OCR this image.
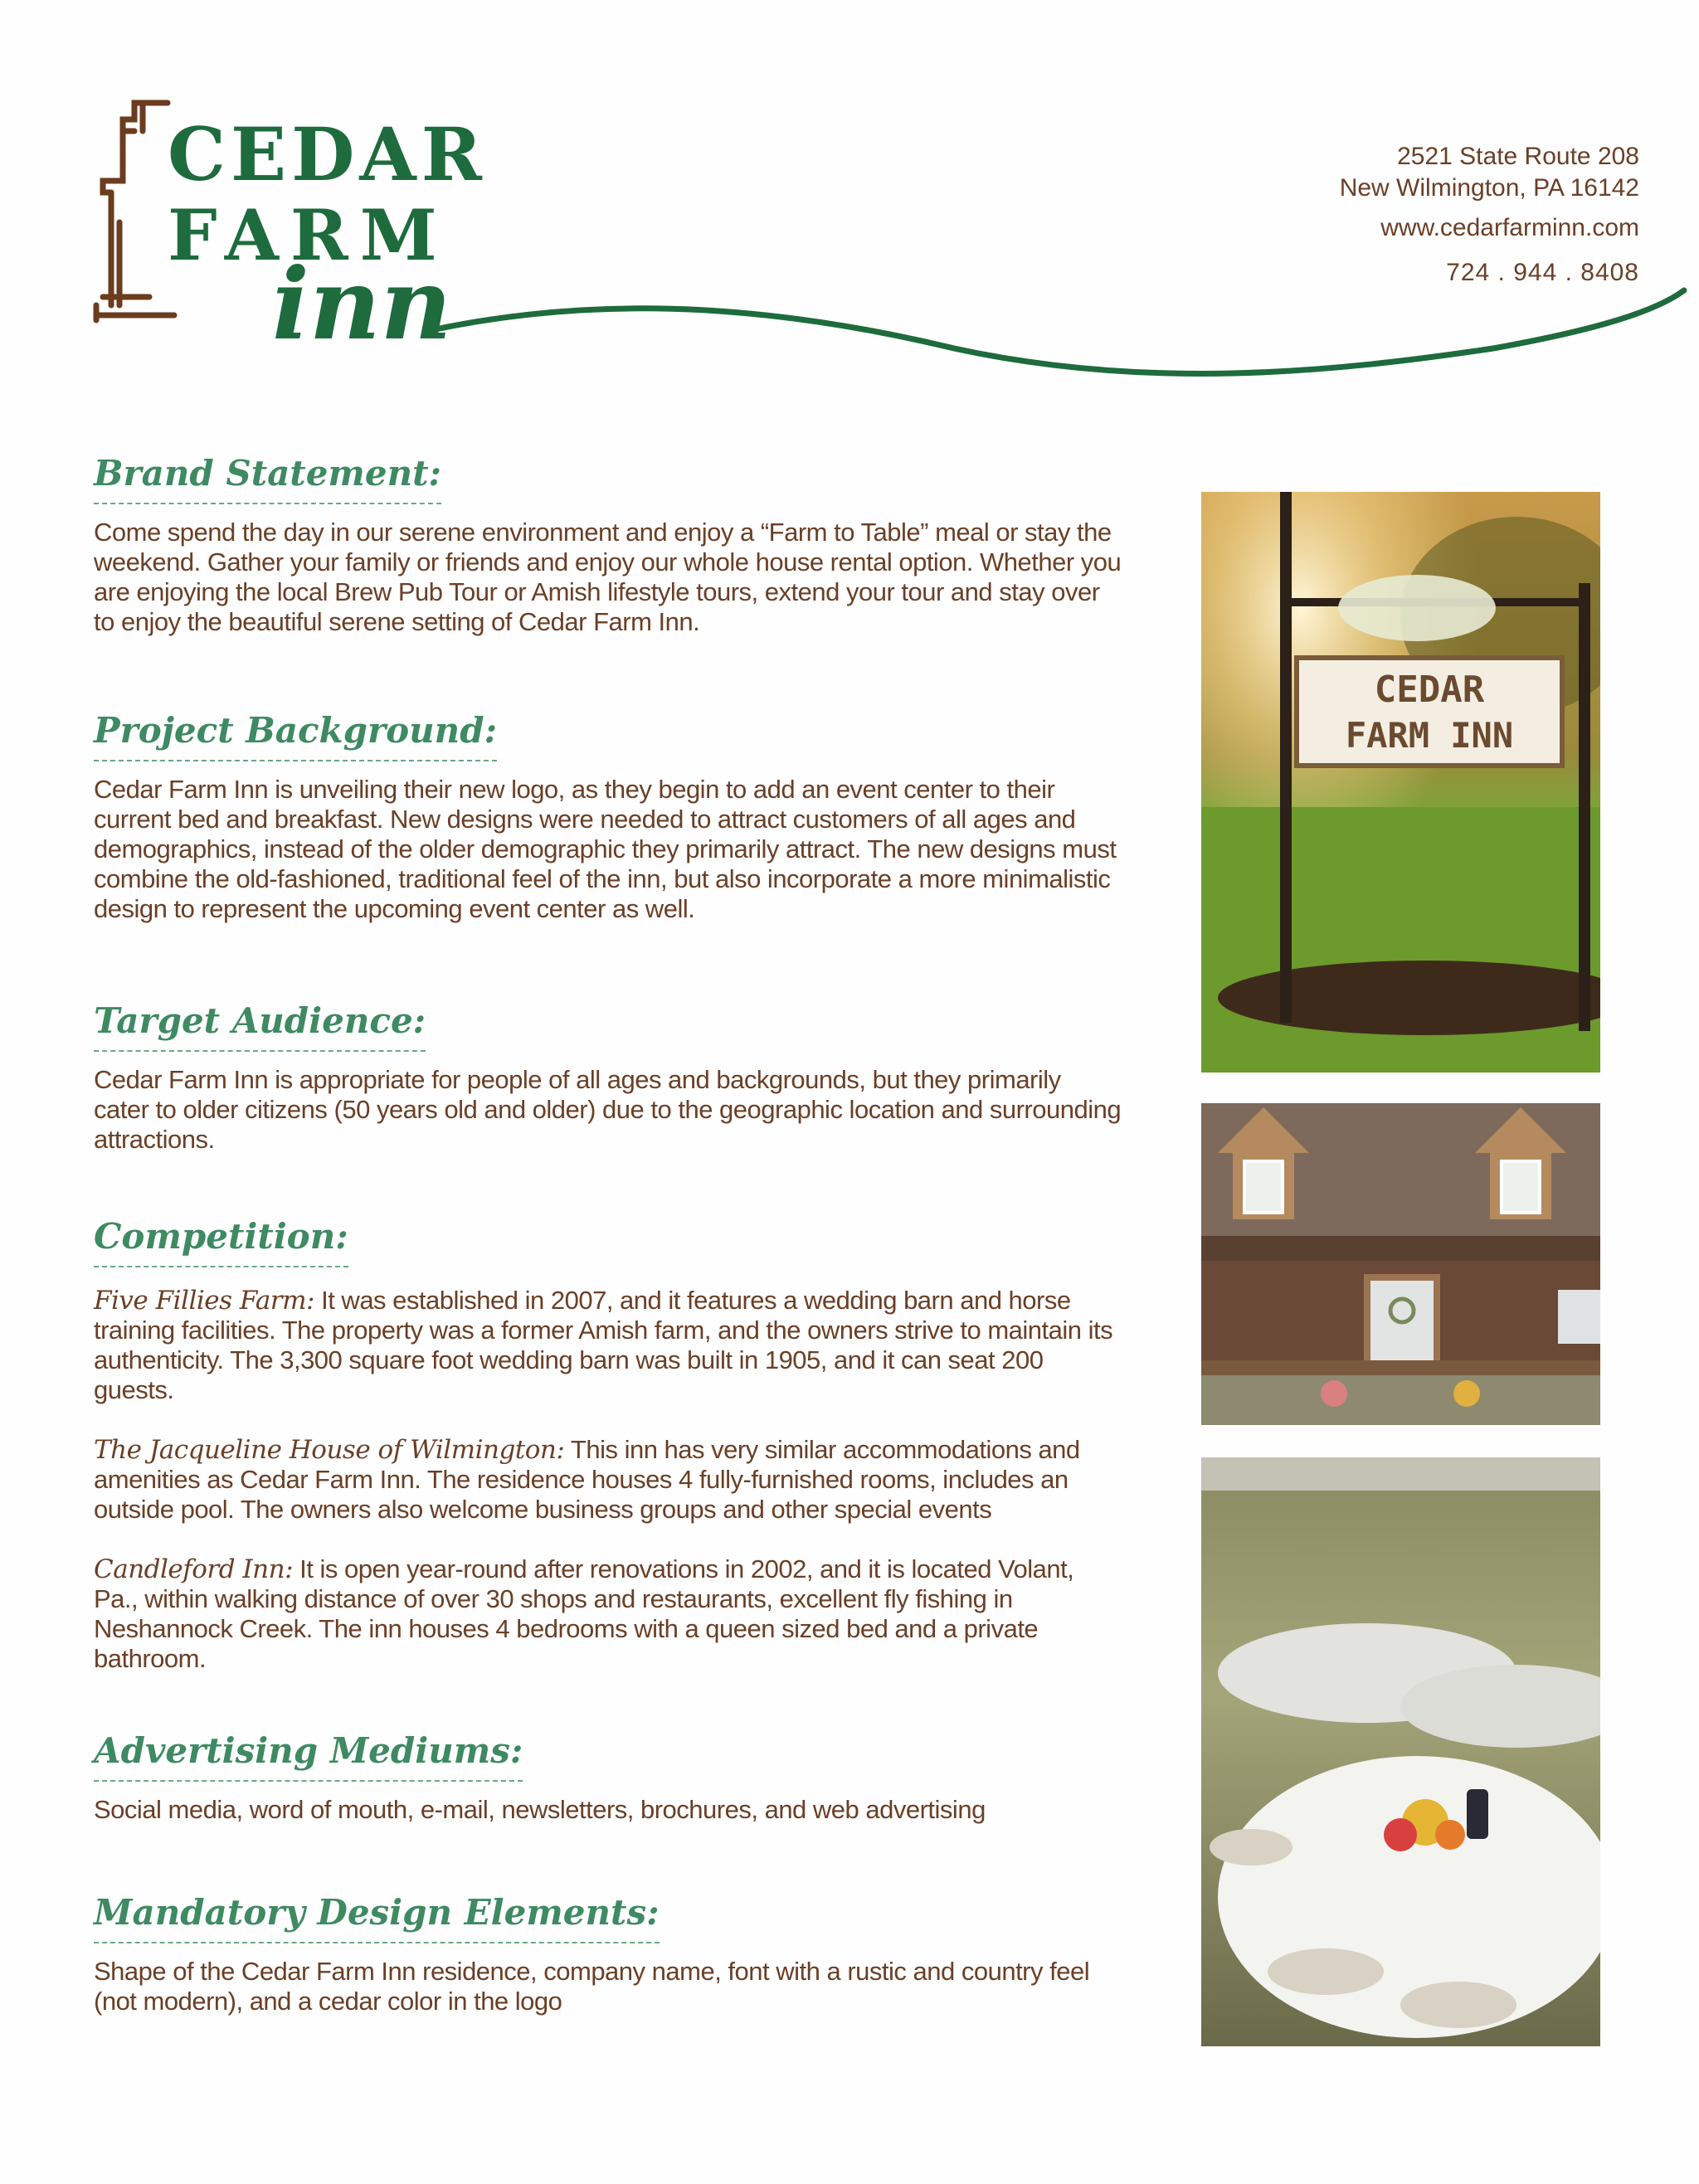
CEDAR
FARM
inn
2521 State Route 208
New Wilmington, PA 16142
www.cedarfarminn.com
724 . 944 . 8408
Brand Statement:

Come spend the day in our serene environment and enjoy a “Farm to Table” meal or stay the weekend. Gather your family or friends and enjoy our whole house rental option. Whether you are enjoying the local Brew Pub Tour or Amish lifestyle tours, extend your tour and stay over to enjoy the beautiful serene setting of Cedar Farm Inn.

Project Background:

Cedar Farm Inn is unveiling their new logo, as they begin to add an event center to their current bed and breakfast. New designs were needed to attract customers of all ages and demographics, instead of the older demographic they primarily attract. The new designs must combine the old-fashioned, traditional feel of the inn, but also incorporate a more minimalistic design to represent the upcoming event center as well.

Target Audience:

Cedar Farm Inn is appropriate for people of all ages and backgrounds, but they primarily cater to older citizens (50 years old and older) due to the geographic location and surrounding attractions.

Competition:

Five Fillies Farm: It was established in 2007, and it features a wedding barn and horse training facilities. The property was a former Amish farm, and the owners strive to maintain its authenticity. The 3,300 square foot wedding barn was built in 1905, and it can seat 200 guests.

The Jacqueline House of Wilmington: This inn has very similar accommodations and amenities as Cedar Farm Inn. The residence houses 4 fully-furnished rooms, includes an outside pool. The owners also welcome business groups and other special events

Candleford Inn: It is open year-round after renovations in 2002, and it is located Volant, Pa., within walking distance of over 30 shops and restaurants, excellent fly fishing in Neshannock Creek. The inn houses 4 bedrooms with a queen sized bed and a private bathroom.

Advertising Mediums:

Social media, word of mouth, e-mail, newsletters, brochures, and web advertising

Mandatory Design Elements:

Shape of the Cedar Farm Inn residence, company name, font with a rustic and country feel (not modern), and a cedar color in the logo

CEDAR
FARM INN
